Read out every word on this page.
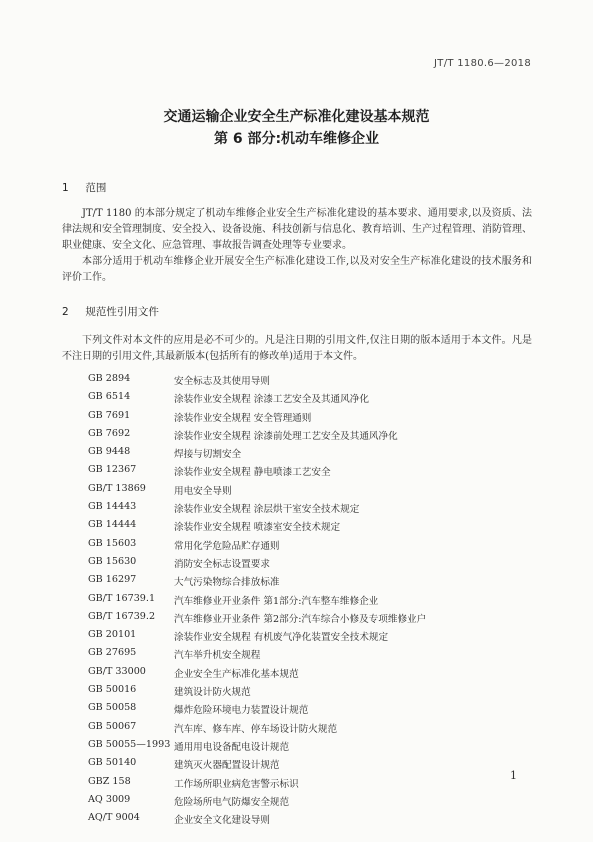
JT/T 1180.6—2018
交通运输企业安全生产标准化建设基本规范
第 6 部分:机动车维修企业
1 范围
JT/T 1180 的本部分规定了机动车维修企业安全生产标准化建设的基本要求、通用要求,以及资质、法律法规和安全管理制度、安全投入、设备设施、科技创新与信息化、教育培训、生产过程管理、消防管理、职业健康、安全文化、应急管理、事故报告调查处理等专业要求。
本部分适用于机动车维修企业开展安全生产标准化建设工作,以及对安全生产标准化建设的技术服务和评价工作。
2 规范性引用文件
下列文件对本文件的应用是必不可少的。凡是注日期的引用文件,仅注日期的版本适用于本文件。凡是不注日期的引用文件,其最新版本(包括所有的修改单)适用于本文件。
GB 2894	安全标志及其使用导则
GB 6514	涂装作业安全规程 涂漆工艺安全及其通风净化
GB 7691	涂装作业安全规程 安全管理通则
GB 7692	涂装作业安全规程 涂漆前处理工艺安全及其通风净化
GB 9448	焊接与切割安全
GB 12367	涂装作业安全规程 静电喷漆工艺安全
GB/T 13869	用电安全导则
GB 14443	涂装作业安全规程 涂层烘干室安全技术规定
GB 14444	涂装作业安全规程 喷漆室安全技术规定
GB 15603	常用化学危险品贮存通则
GB 15630	消防安全标志设置要求
GB 16297	大气污染物综合排放标准
GB/T 16739.1	汽车维修业开业条件 第1部分:汽车整车维修企业
GB/T 16739.2	汽车维修业开业条件 第2部分:汽车综合小修及专项维修业户
GB 20101	涂装作业安全规程 有机废气净化装置安全技术规定
GB 27695	汽车举升机安全规程
GB/T 33000	企业安全生产标准化基本规范
GB 50016	建筑设计防火规范
GB 50058	爆炸危险环境电力装置设计规范
GB 50067	汽车库、修车库、停车场设计防火规范
GB 50055—1993 通用用电设备配电设计规范
GB 50140	建筑灭火器配置设计规范
GBZ 158	工作场所职业病危害警示标识
AQ 3009	危险场所电气防爆安全规范
AQ/T 9004	企业安全文化建设导则
1
